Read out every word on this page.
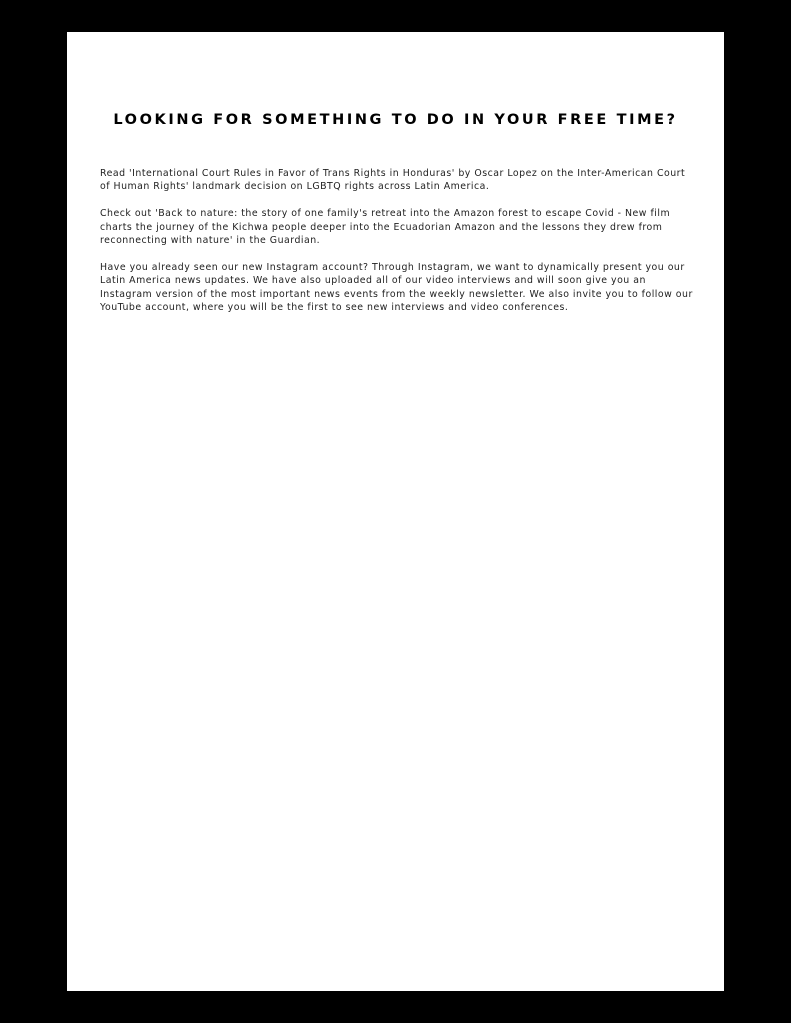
LOOKING FOR SOMETHING TO DO IN YOUR FREE TIME?

Read 'International Court Rules in Favor of Trans Rights in Honduras' by Oscar Lopez on the Inter-American Court of Human Rights' landmark decision on LGBTQ rights across Latin America.

Check out 'Back to nature: the story of one family's retreat into the Amazon forest to escape Covid - New film charts the journey of the Kichwa people deeper into the Ecuadorian Amazon and the lessons they drew from reconnecting with nature' in the Guardian.

Have you already seen our new Instagram account? Through Instagram, we want to dynamically present you our Latin America news updates. We have also uploaded all of our video interviews and will soon give you an Instagram version of the most important news events from the weekly newsletter. We also invite you to follow our YouTube account, where you will be the first to see new interviews and video conferences.
